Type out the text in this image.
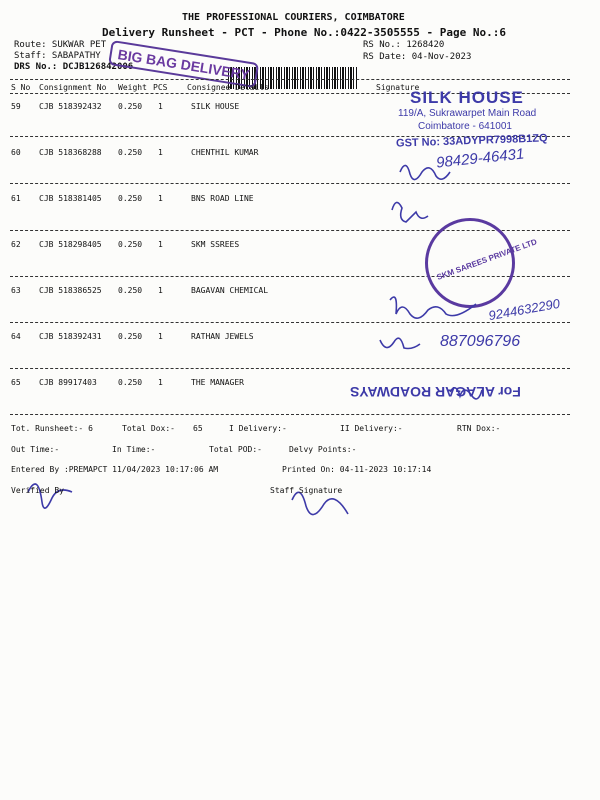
THE PROFESSIONAL COURIERS, COIMBATORE
Delivery Runsheet - PCT - Phone No.:0422-3505555 - Page No.:6
Route: SUKWAR PET
Staff: SABAPATHY
DRS No.: DCJB126842006
RS No.: 1268420
RS Date: 04-Nov-2023
BIG BAG DELIVERY
S No Consignment No Weight PCS Consignee Details	Signature
59 CJB 518392432 0.250 1	SILK HOUSE
60 CJB 518368288 0.250 1	CHENTHIL KUMAR
61 CJB 518381405 0.250 1	BNS ROAD LINE
62 CJB 518298405 0.250 1	SKM SSREES
63 CJB 518386525 0.250 1	BAGAVAN CHEMICAL
64 CJB 518392431 0.250 1	RATHAN JEWELS
65 CJB 89917403	0.250 1	THE MANAGER
SILK HOUSE
119/A, Sukrawarpet Main Road
Coimbatore - 641001
GST No: 33ADYPR7998B1ZQ
98429-46431
9244632290
887096796
SKM SAREES PRIVATE LTD
For ALAGAR ROADWAYS
Tot. Runsheet:- 6	Total Dox:- 65	I Delivery:-	II Delivery:-	RTN Dox:-
Out Time:-	In Time:-	Total POD:-	Delvy Points:-
Entered By :PREMAPCT 11/04/2023 10:17:06 AM	Printed On: 04-11-2023 10:17:14
Verified By	Staff Signature
